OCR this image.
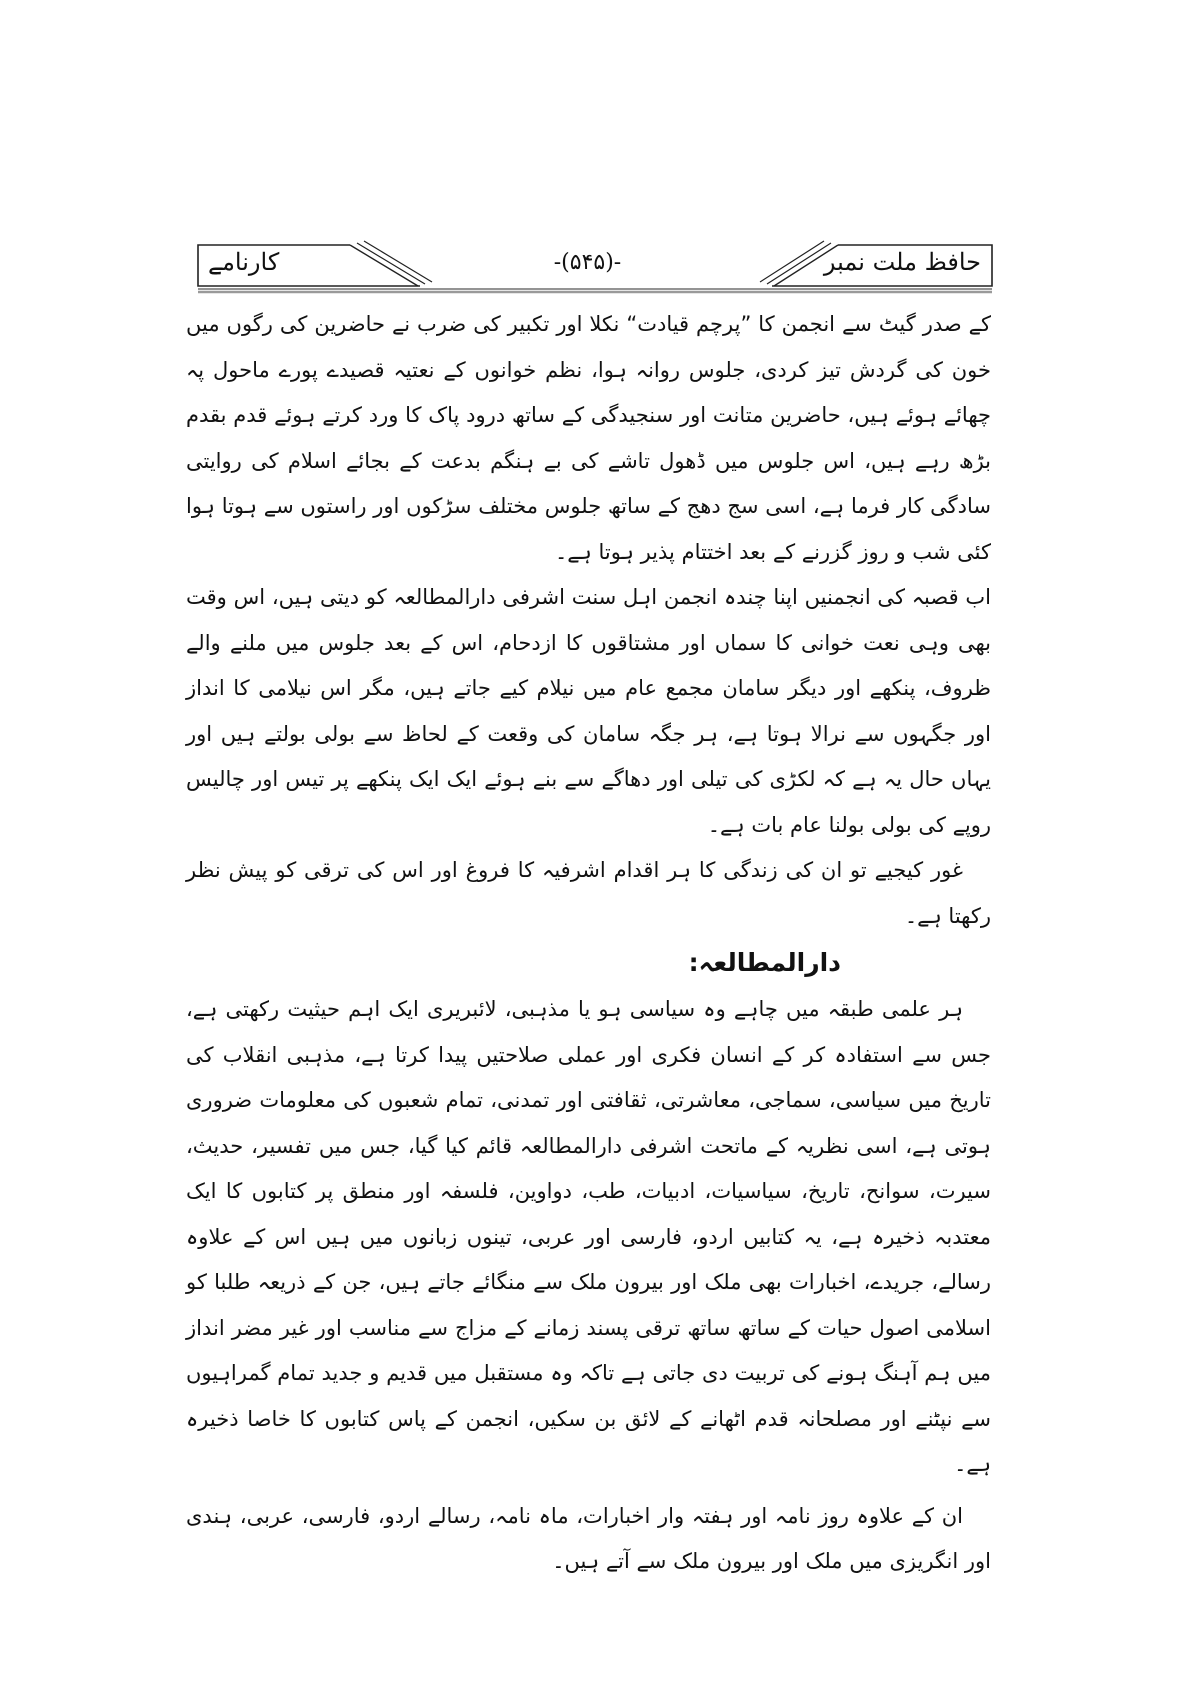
کارنامے	-(۵۴۵)-	حافظ ملت نمبر

کے صدر گیٹ سے انجمن کا ”پرچم قیادت“ نکلا اور تکبیر کی ضرب نے حاضرین کی رگوں میں خون کی گردش تیز کردی، جلوس روانہ ہوا، نظم خوانوں کے نعتیہ قصیدے پورے ماحول پہ چھائے ہوئے ہیں، حاضرین متانت اور سنجیدگی کے ساتھ درود پاک کا ورد کرتے ہوئے قدم بقدم بڑھ رہے ہیں، اس جلوس میں ڈھول تاشے کی بے ہنگم بدعت کے بجائے اسلام کی روایتی سادگی کار فرما ہے، اسی سج دھج کے ساتھ جلوس مختلف سڑکوں اور راستوں سے ہوتا ہوا کئی شب و روز گزرنے کے بعد اختتام پذیر ہوتا ہے۔

اب قصبہ کی انجمنیں اپنا چندہ انجمن اہل سنت اشرفی دارالمطالعہ کو دیتی ہیں، اس وقت بھی وہی نعت خوانی کا سماں اور مشتاقوں کا ازدحام، اس کے بعد جلوس میں ملنے والے ظروف، پنکھے اور دیگر سامان مجمع عام میں نیلام کیے جاتے ہیں، مگر اس نیلامی کا انداز اور جگہوں سے نرالا ہوتا ہے، ہر جگہ سامان کی وقعت کے لحاظ سے بولی بولتے ہیں اور یہاں حال یہ ہے کہ لکڑی کی تیلی اور دھاگے سے بنے ہوئے ایک ایک پنکھے پر تیس اور چالیس روپے کی بولی بولنا عام بات ہے۔

غور کیجیے تو ان کی زندگی کا ہر اقدام اشرفیہ کا فروغ اور اس کی ترقی کو پیش نظر رکھتا ہے۔

دارالمطالعہ:

ہر علمی طبقہ میں چاہے وہ سیاسی ہو یا مذہبی، لائبریری ایک اہم حیثیت رکھتی ہے، جس سے استفادہ کر کے انسان فکری اور عملی صلاحتیں پیدا کرتا ہے، مذہبی انقلاب کی تاریخ میں سیاسی، سماجی، معاشرتی، ثقافتی اور تمدنی، تمام شعبوں کی معلومات ضروری ہوتی ہے، اسی نظریہ کے ماتحت اشرفی دارالمطالعہ قائم کیا گیا، جس میں تفسیر، حدیث، سیرت، سوانح، تاریخ، سیاسیات، ادبیات، طب، دواوین، فلسفہ اور منطق پر کتابوں کا ایک معتدبہ ذخیرہ ہے، یہ کتابیں اردو، فارسی اور عربی، تینوں زبانوں میں ہیں اس کے علاوہ رسالے، جریدے، اخبارات بھی ملک اور بیرون ملک سے منگائے جاتے ہیں، جن کے ذریعہ طلبا کو اسلامی اصول حیات کے ساتھ ساتھ ترقی پسند زمانے کے مزاج سے مناسب اور غیر مضر انداز میں ہم آہنگ ہونے کی تربیت دی جاتی ہے تاکہ وہ مستقبل میں قدیم و جدید تمام گمراہیوں سے نپٹنے اور مصلحانہ قدم اٹھانے کے لائق بن سکیں، انجمن کے پاس کتابوں کا خاصا ذخیرہ ہے۔

ان کے علاوہ روز نامہ اور ہفتہ وار اخبارات، ماہ نامہ، رسالے اردو، فارسی، عربی، ہندی اور انگریزی میں ملک اور بیرون ملک سے آتے ہیں۔
